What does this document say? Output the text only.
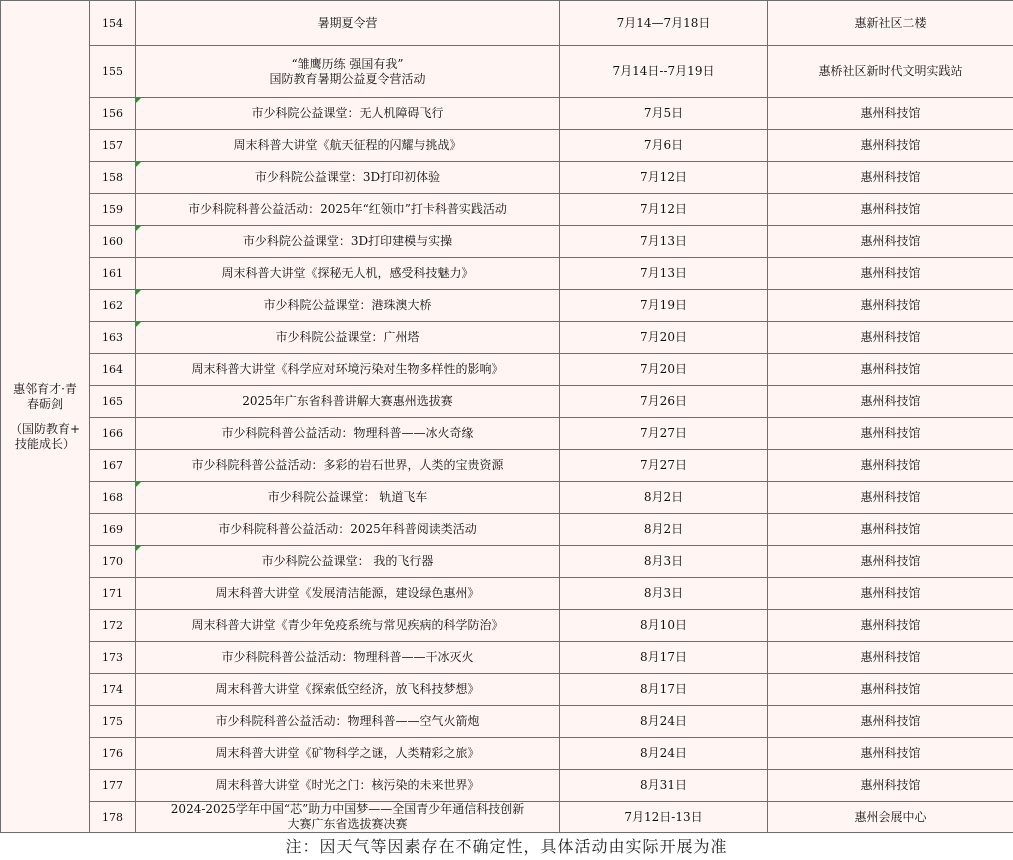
惠邻育才·青
春砺剑
（国防教育+
技能成长）	154	暑期夏令营	7月14—7月18日	惠新社区二楼
	155	“雏鹰历练 强国有我”
国防教育暑期公益夏令营活动	7月14日--7月19日	惠桥社区新时代文明实践站
	156	市少科院公益课堂：无人机障碍飞行	7月5日	惠州科技馆
	157	周末科普大讲堂《航天征程的闪耀与挑战》	7月6日	惠州科技馆
	158	市少科院公益课堂：3D打印初体验	7月12日	惠州科技馆
	159	市少科院科普公益活动：2025年“红领巾”打卡科普实践活动	7月12日	惠州科技馆
	160	市少科院公益课堂：3D打印建模与实操	7月13日	惠州科技馆
	161	周末科普大讲堂《探秘无人机，感受科技魅力》	7月13日	惠州科技馆
	162	市少科院公益课堂：港珠澳大桥	7月19日	惠州科技馆
	163	市少科院公益课堂：广州塔	7月20日	惠州科技馆
	164	周末科普大讲堂《科学应对环境污染对生物多样性的影响》	7月20日	惠州科技馆
	165	2025年广东省科普讲解大赛惠州选拔赛	7月26日	惠州科技馆
	166	市少科院科普公益活动：物理科普——冰火奇缘	7月27日	惠州科技馆
	167	市少科院科普公益活动：多彩的岩石世界，人类的宝贵资源	7月27日	惠州科技馆
	168	市少科院公益课堂： 轨道飞车	8月2日	惠州科技馆
	169	市少科院科普公益活动：2025年科普阅读类活动	8月2日	惠州科技馆
	170	市少科院公益课堂： 我的飞行器	8月3日	惠州科技馆
	171	周末科普大讲堂《发展清洁能源，建设绿色惠州》	8月3日	惠州科技馆
	172	周末科普大讲堂《青少年免疫系统与常见疾病的科学防治》	8月10日	惠州科技馆
	173	市少科院科普公益活动：物理科普——干冰灭火	8月17日	惠州科技馆
	174	周末科普大讲堂《探索低空经济，放飞科技梦想》	8月17日	惠州科技馆
	175	市少科院科普公益活动：物理科普——空气火箭炮	8月24日	惠州科技馆
	176	周末科普大讲堂《矿物科学之谜，人类精彩之旅》	8月24日	惠州科技馆
	177	周末科普大讲堂《时光之门：核污染的未来世界》	8月31日	惠州科技馆
	178	2024-2025学年中国“芯”助力中国梦——全国青少年通信科技创新
大赛广东省选拔赛决赛	7月12日-13日	惠州会展中心
注：因天气等因素存在不确定性，具体活动由实际开展为准
